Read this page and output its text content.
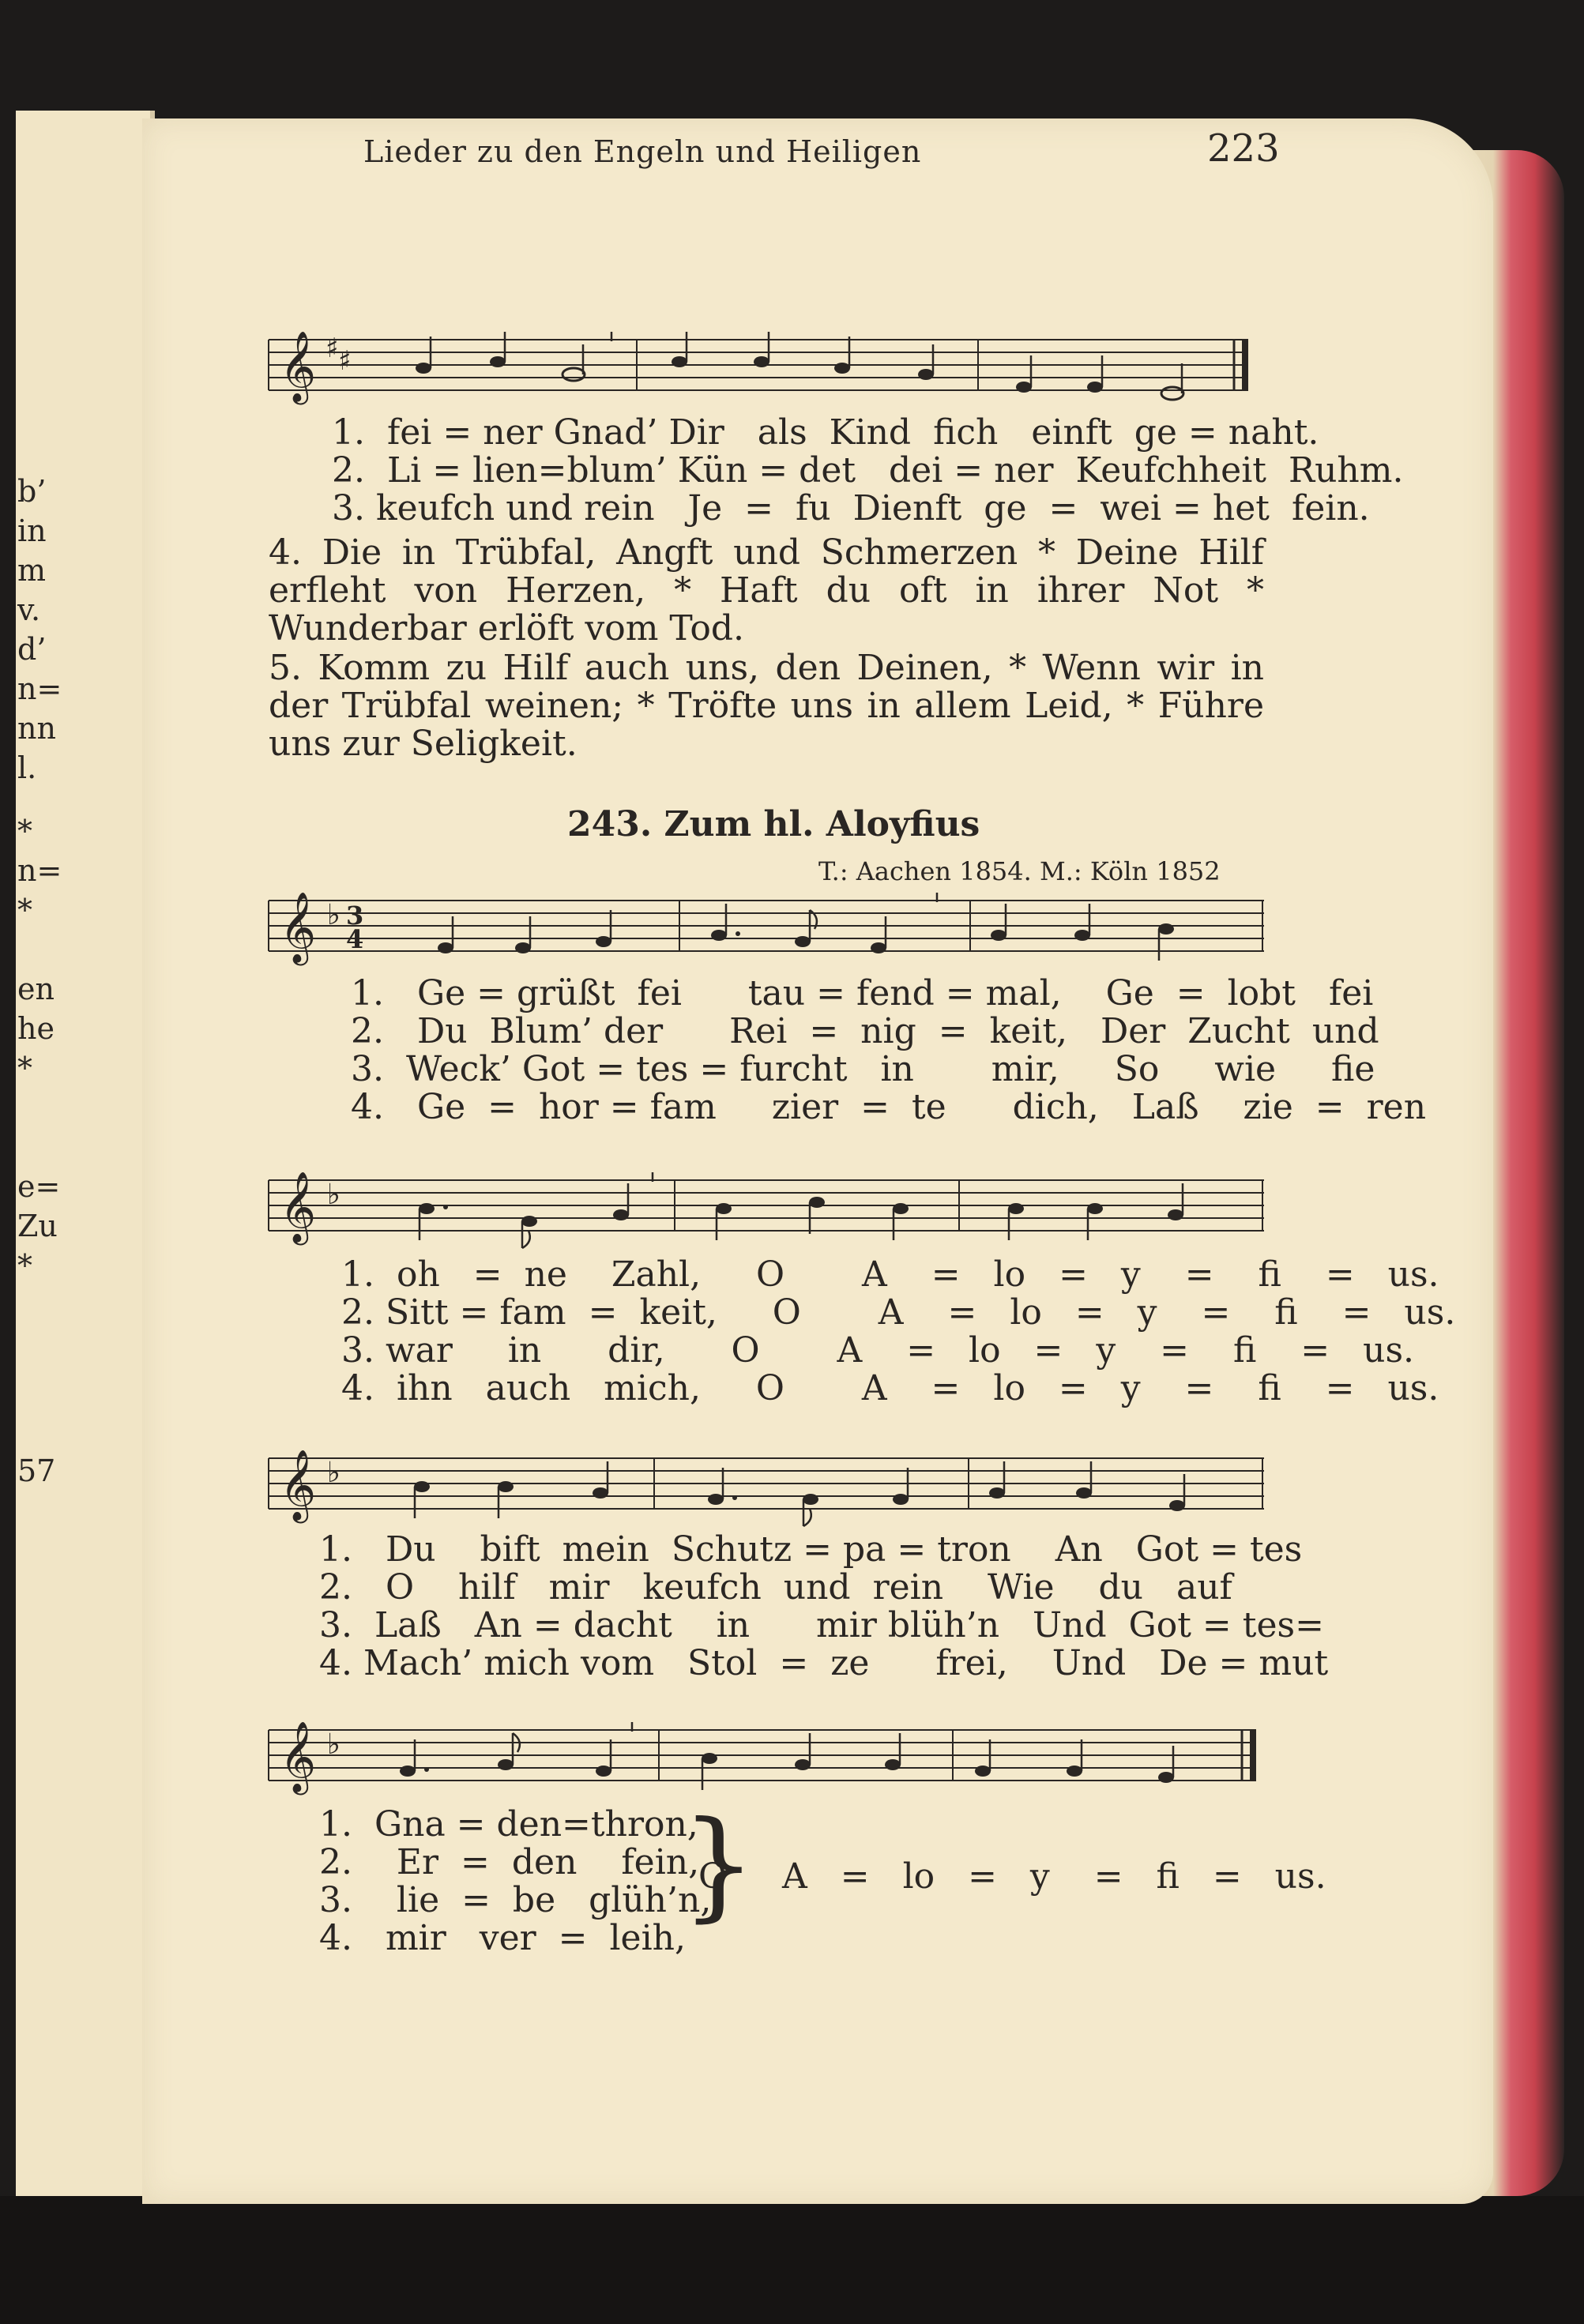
b’
in
m
v.
d’
n=
nn
l.
*
n=
*
en
he
*
e=
Zu
*
57
Lieder zu den Engeln und Heiligen	223
𝄞 ♯ ♯
1.  fei = ner Gnad’ Dir   als  Kind  fich   einft  ge = naht.
2.  Li = lien=blum’ Kün = det   dei = ner  Keufchheit  Ruhm.
3. keufch und rein   Je  =  fu  Dienft  ge  =  wei = het  fein.
4. Die in Trübfal, Angft und Schmerzen * Deine Hilf erfleht von Herzen, * Haft du oft in ihrer Not * Wunderbar erlöft vom Tod.
5. Komm zu Hilf auch uns, den Deinen, * Wenn wir in der Trübfal weinen; * Tröfte uns in allem Leid, * Führe uns zur Seligkeit.
243. Zum hl. Aloyfius
T.: Aachen 1854. M.: Köln 1852
𝄞 ♭ 3
4
1.   Ge = grüßt  fei      tau = fend = mal,    Ge  =  lobt   fei
2.   Du  Blum’ der      Rei  =  nig  =  keit,   Der  Zucht  und
3.  Weck’ Got = tes = furcht   in       mir,     So     wie     fie
4.   Ge  =  hor = fam     zier  =  te      dich,   Laß    zie  =  ren
𝄞 ♭
1.  oh   =  ne    Zahl,     O       A    =   lo   =   y    =    fi    =   us.
2. Sitt = fam  =  keit,     O       A    =   lo   =   y    =    fi    =   us.
3. war     in      dir,      O       A    =   lo   =   y    =    fi    =   us.
4.  ihn   auch   mich,     O       A    =   lo   =   y    =    fi    =   us.
𝄞 ♭
1.   Du    bift  mein  Schutz = pa = tron    An   Got = tes
2.   O    hilf   mir   keufch  und  rein    Wie    du   auf
3.  Laß   An = dacht    in      mir blüh’n   Und  Got = tes=
4. Mach’ mich vom   Stol  =  ze      frei,    Und   De = mut
𝄞 ♭
1.  Gna = den=thron,
2.    Er  =  den    fein,
3.    lie  =  be   glüh’n,
4.   mir   ver  =  leih,
}
O     A   =   lo   =   y    =   fi   =   us.
